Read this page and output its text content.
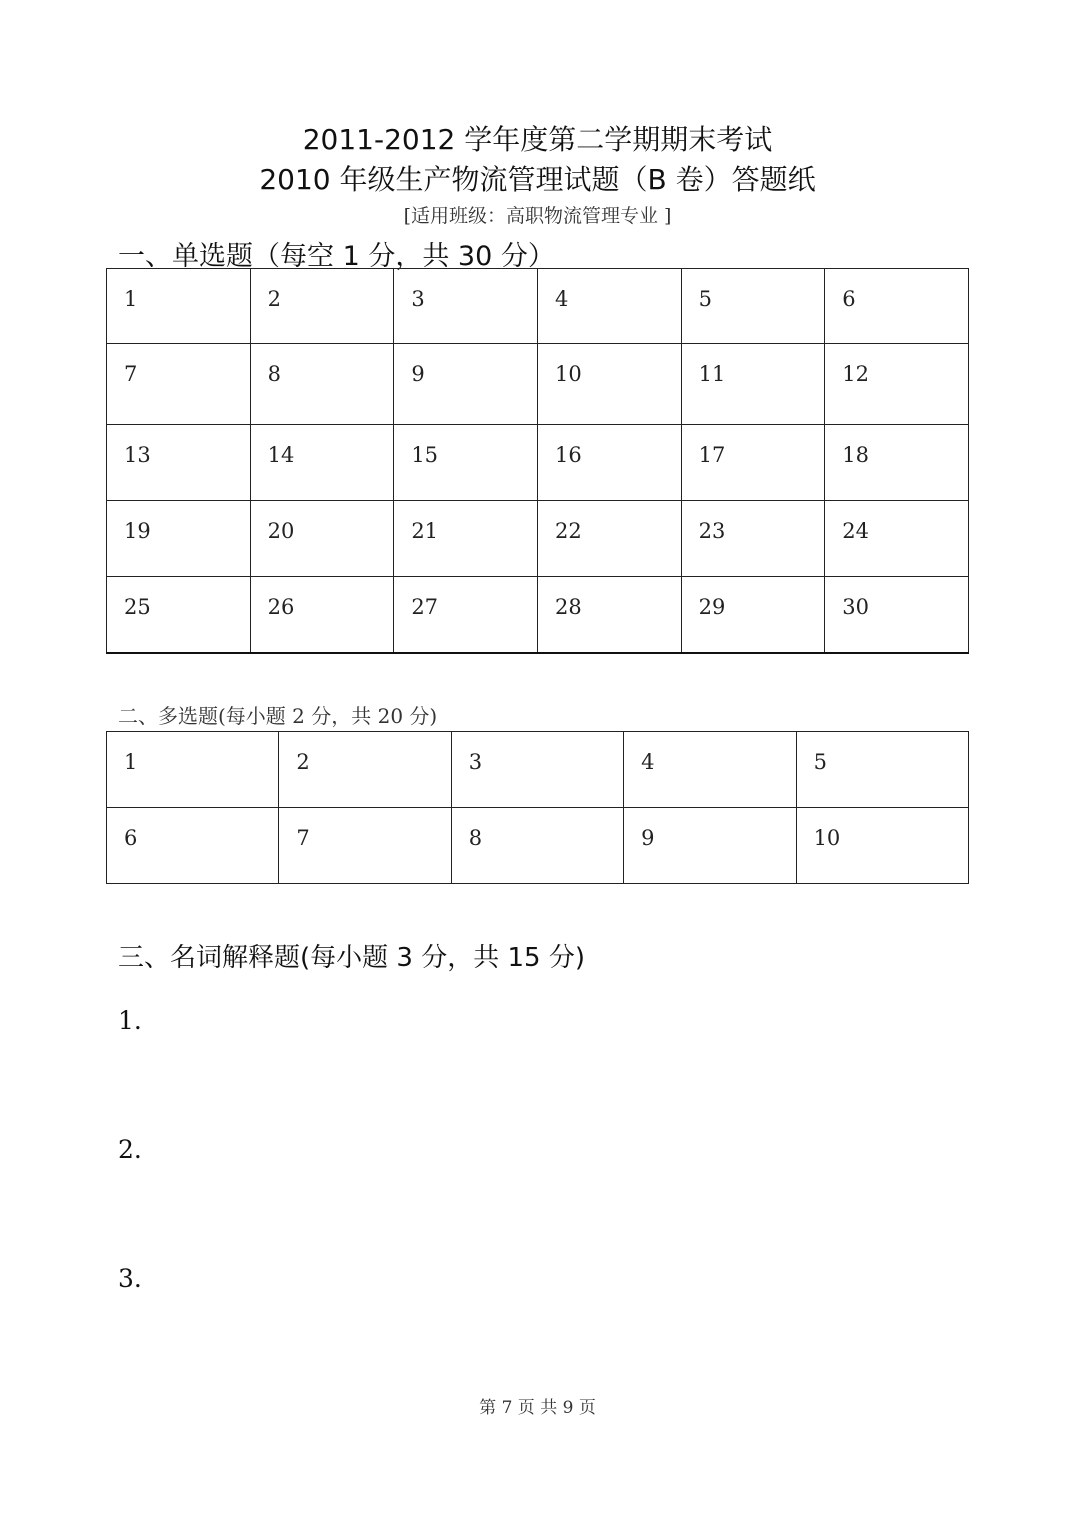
2011-2012 学年度第二学期期末考试
2010 年级生产物流管理试题（B 卷）答题纸
[适用班级：高职物流管理专业 ]
一、单选题（每空 1 分，共 30 分）
1	2	3	4	5	6

7	8	9	10	11	12

13	14	15	16	17	18

19	20	21	22	23	24

25	26	27	28	29	30
二、多选题(每小题 2 分，共 20 分)
1	2	3	4	5

6	7	8	9	10
三、名词解释题(每小题 3 分，共 15 分)
1.
2.
3.
第 7 页 共 9 页
